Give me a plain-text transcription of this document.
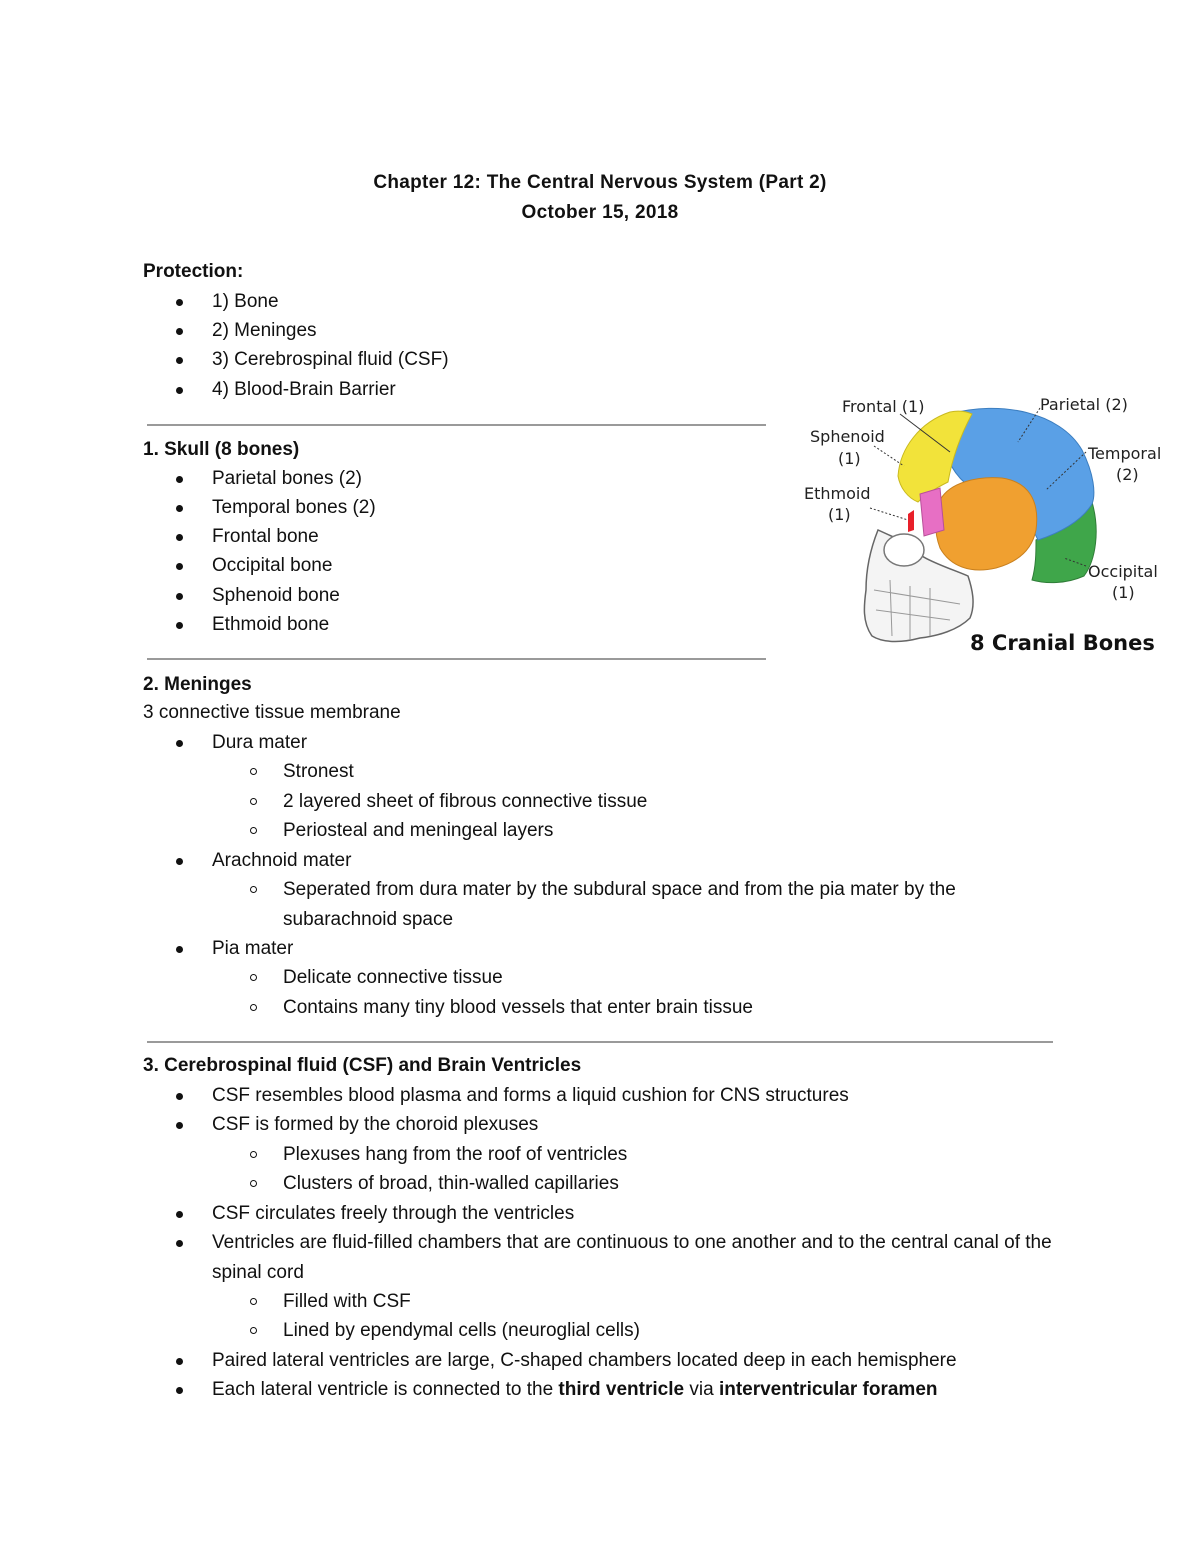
Chapter 12: The Central Nervous System (Part 2)
October 15, 2018
Protection:
1) Bone
2) Meninges
3) Cerebrospinal fluid (CSF)
4) Blood-Brain Barrier
1. Skull (8 bones)
Parietal bones (2)
Temporal bones (2)
Frontal bone
Occipital bone
Sphenoid bone
Ethmoid bone
Frontal (1)	Parietal (2)
Sphenoid
(1)	Temporal
(2)
Ethmoid
(1)
Occipital
(1)
8 Cranial Bones
2. Meninges
3 connective tissue membrane
Dura mater
Stronest
2 layered sheet of fibrous connective tissue
Periosteal and meningeal layers
Arachnoid mater
Seperated from dura mater by the subdural space and from the pia mater by the subarachnoid space
Pia mater
Delicate connective tissue
Contains many tiny blood vessels that enter brain tissue
3. Cerebrospinal fluid (CSF) and Brain Ventricles
CSF resembles blood plasma and forms a liquid cushion for CNS structures
CSF is formed by the choroid plexuses
Plexuses hang from the roof of ventricles
Clusters of broad, thin-walled capillaries
CSF circulates freely through the ventricles
Ventricles are fluid-filled chambers that are continuous to one another and to the central canal of the spinal cord
Filled with CSF
Lined by ependymal cells (neuroglial cells)
Paired lateral ventricles are large, C-shaped chambers located deep in each hemisphere
Each lateral ventricle is connected to the third ventricle via interventricular foramen
